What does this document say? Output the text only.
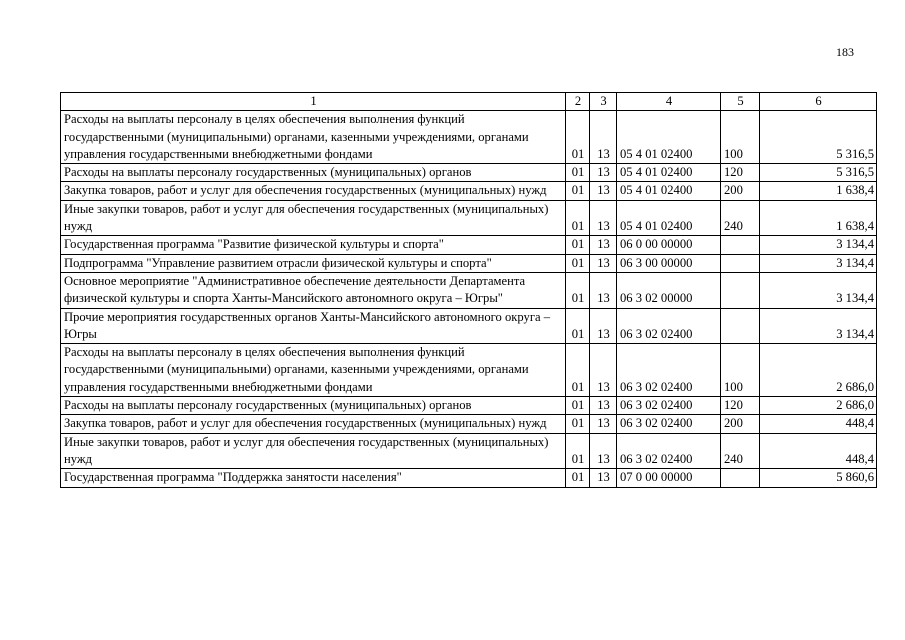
183
1	2	3	4	5	6
Расходы на выплаты персоналу в целях обеспечения выполнения функций государственными (муниципальными) органами, казенными учреждениями, органами управления государственными внебюджетными фондами	01	13	05 4 01 02400	100	5 316,5
Расходы на выплаты персоналу государственных (муниципальных) органов	01	13	05 4 01 02400	120	5 316,5
Закупка товаров, работ и услуг для обеспечения государственных (муниципальных) нужд	01	13	05 4 01 02400	200	1 638,4
Иные закупки товаров, работ и услуг для обеспечения государственных (муниципальных) нужд	01	13	05 4 01 02400	240	1 638,4
Государственная программа "Развитие физической культуры и спорта"	01	13	06 0 00 00000		3 134,4
Подпрограмма "Управление развитием отрасли физической культуры и спорта"	01	13	06 3 00 00000		3 134,4
Основное мероприятие "Административное обеспечение деятельности Департамента физической культуры и спорта Ханты-Мансийского автономного округа – Югры"	01	13	06 3 02 00000		3 134,4
Прочие мероприятия государственных органов Ханты-Мансийского автономного округа – Югры	01	13	06 3 02 02400		3 134,4
Расходы на выплаты персоналу в целях обеспечения выполнения функций государственными (муниципальными) органами, казенными учреждениями, органами управления государственными внебюджетными фондами	01	13	06 3 02 02400	100	2 686,0
Расходы на выплаты персоналу государственных (муниципальных) органов	01	13	06 3 02 02400	120	2 686,0
Закупка товаров, работ и услуг для обеспечения государственных (муниципальных) нужд	01	13	06 3 02 02400	200	448,4
Иные закупки товаров, работ и услуг для обеспечения государственных (муниципальных) нужд	01	13	06 3 02 02400	240	448,4
Государственная программа "Поддержка занятости населения"	01	13	07 0 00 00000		5 860,6
